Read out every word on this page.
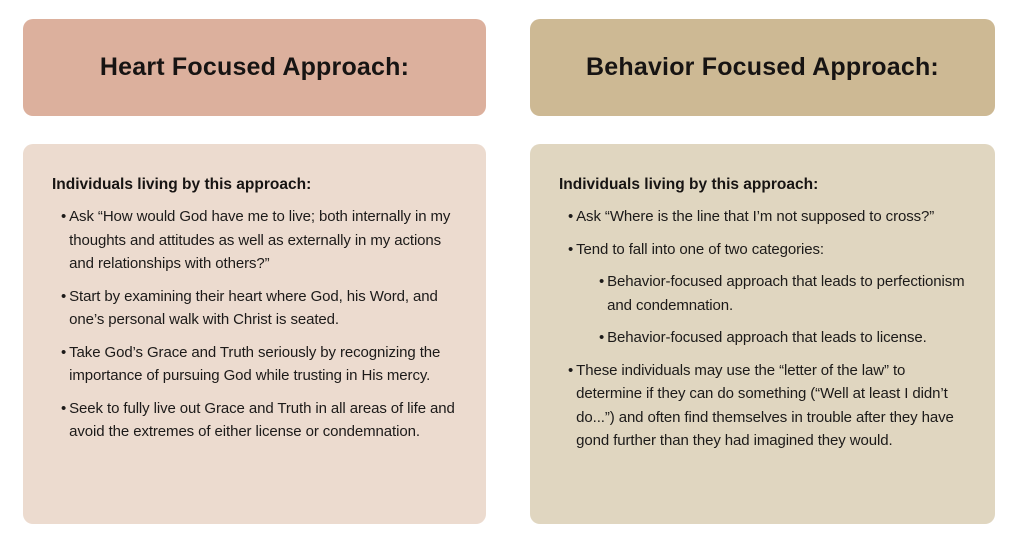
Heart Focused Approach:
Individuals living by this approach:
• Ask “How would God have me to live; both internally in my thoughts and attitudes as well as externally in my actions and relationships with others?”
• Start by examining their heart where God, his Word, and one’s personal walk with Christ is seated.
• Take God’s Grace and Truth seriously by recognizing the importance of pursuing God while trusting in His mercy.
• Seek to fully live out Grace and Truth in all areas of life and avoid the extremes of either license or condemnation.
Behavior Focused Approach:
Individuals living by this approach:
• Ask “Where is the line that I’m not supposed to cross?”
• Tend to fall into one of two categories:
• Behavior-focused approach that leads to perfectionism and condemnation.
• Behavior-focused approach that leads to license.
• These individuals may use the “letter of the law” to determine if they can do something (“Well at least I didn’t do...”) and often find themselves in trouble after they have gond further than they had imagined they would.
